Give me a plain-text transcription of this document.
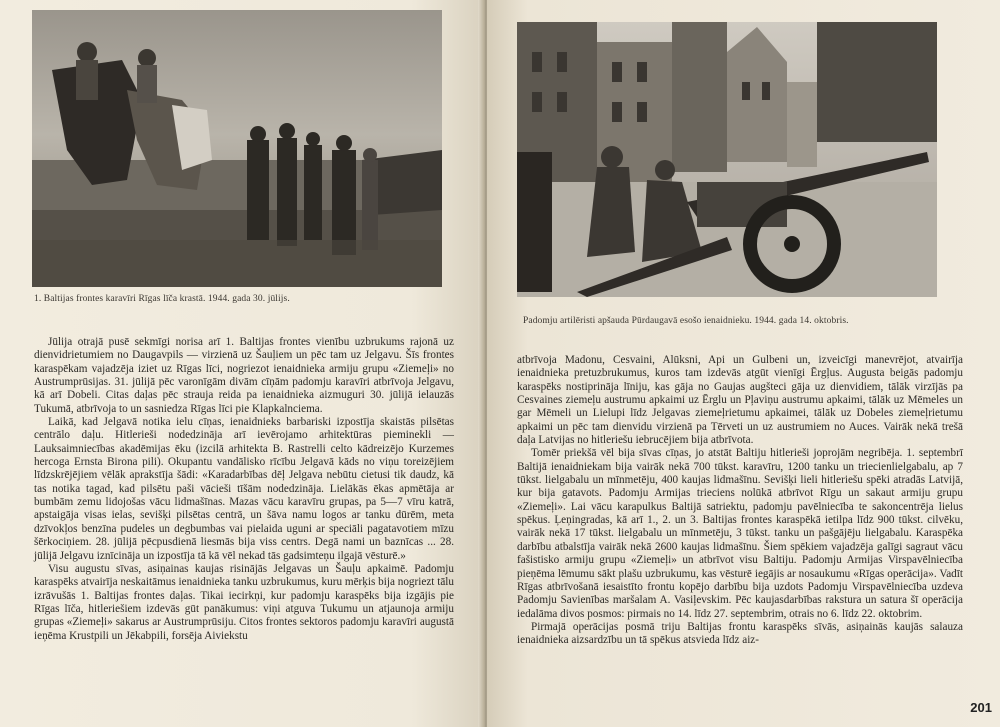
1. Baltijas frontes karavīri Rīgas līča krastā. 1944. gada 30. jūlijs.

Jūlija otrajā pusē sekmīgi norisa arī 1. Baltijas frontes vienību uzbrukums rajonā uz dienvidrietumiem no Daugavpils — virzienā uz Šauļiem un pēc tam uz Jelgavu. Šīs frontes karaspēkam vajadzēja iziet uz Rīgas līci, nogriezot ienaidnieka armiju grupu «Ziemeļi» no Austrumprūsijas. 31. jūlijā pēc varonīgām divām cīņām padomju karavīri atbrīvoja Jelgavu, kā arī Dobeli. Citas daļas pēc strauja reida pa ienaidnieka aizmuguri 30. jūlijā ielauzās Tukumā, atbrīvoja to un sasniedza Rīgas līci pie Klapkalnciema.

Laikā, kad Jelgavā notika ielu cīņas, ienaidnieks barbariski izpostīja skaistās pilsētas centrālo daļu. Hitlerieši nodedzināja arī ievērojamo arhitektūras pieminekli — Lauksaimniecības akadēmijas ēku (izcilā arhitekta B. Rastrelli celto kādreizējo Kurzemes hercoga Ernsta Birona pili). Okupantu vandālisko rīcību Jelgavā kāds no viņu toreizējiem līdzskrējējiem vēlāk aprakstīja šādi: «Karadarbības dēļ Jelgava nebūtu cietusi tik daudz, kā tas notika tagad, kad pilsētu paši vācieši tīšām nodedzināja. Lielākās ēkas apmētāja ar bumbām zemu lidojošas vācu lidmašīnas. Mazas vācu karavīru grupas, pa 5—7 vīru katrā, apstaigāja visas ielas, sevišķi pilsētas centrā, un šāva namu logos ar tanku dūrēm, meta dzīvokļos benzīna pudeles un degbumbas vai pielaida uguni ar speciāli pagatavotiem mīzu šērkociņiem. 28. jūlijā pēcpusdienā liesmās bija viss centrs. Degā nami un baznīcas ... 28. jūlijā Jelgavu iznīcināja un izpostīja tā kā vēl nekad tās gadsimteņu ilgajā vēsturē.»

Visu augustu sīvas, asiņainas kaujas risinājās Jelgavas un Šauļu apkaimē. Padomju karaspēks atvairīja neskaitāmus ienaidnieka tanku uzbrukumus, kuru mērķis bija nogriezt tālu izrāvušās 1. Baltijas frontes daļas. Tikai iecirkņi, kur padomju karaspēks bija izgājis pie Rīgas līča, hitleriešiem izdevās gūt panākumus: viņi atguva Tukumu un atjaunoja armiju grupas «Ziemeļi» sakarus ar Austrumprūsiju. Citos frontes sektoros padomju karavīri augustā ieņēma Krustpili un Jēkabpili, forsēja Aiviekstu

Padomju artilēristi apšauda Pūrdaugavā esošo ienaidnieku. 1944. gada 14. oktobris.

atbrīvoja Madonu, Cesvaini, Alūksni, Api un Gulbeni un, izveicīgi manevrējot, atvairīja ienaidnieka pretuzbrukumus, kuros tam izdevās atgūt vienīgi Ērgļus. Augusta beigās padomju karaspēks nostiprināja līniju, kas gāja no Gaujas augšteci gāja uz dienvidiem, tālāk virzījās pa Cesvaines ziemeļu austrumu apkaimi uz Ērglu un Pļaviņu austrumu apkaimi, tālāk uz Mēmeles un gar Mēmeli un Lielupi līdz Jelgavas ziemeļrietumu apkaimei, tālāk uz Dobeles ziemeļrietumu apkaimi un pēc tam dienvidu virzienā pa Tērveti un uz austrumiem no Auces. Vairāk nekā trešā daļa Latvijas no hitleriešu iebrucējiem bija atbrīvota.

Tomēr priekšā vēl bija sīvas cīņas, jo atstāt Baltiju hitlerieši joprojām negribēja. 1. septembrī Baltijā ienaidniekam bija vairāk nekā 700 tūkst. karavīru, 1200 tanku un triecienlielgabalu, ap 7 tūkst. lielgabalu un mīnmetēju, 400 kaujas lidmašīnu. Sevišķi lieli hitleriešu spēki atradās Latvijā, kur bija gatavots. Padomju Armijas trieciens nolūkā atbrīvot Rīgu un sakaut armiju grupu «Ziemeļi». Lai vācu karapulkus Baltijā satriektu, padomju pavēlniecība te sakoncentrēja lielus spēkus. Ļeņingradas, kā arī 1., 2. un 3. Baltijas frontes karaspēkā ietilpa līdz 900 tūkst. cilvēku, vairāk nekā 17 tūkst. lielgabalu un mīnmetēju, 3 tūkst. tanku un pašgājēju lielgabalu. Karaspēka darbību atbalstīja vairāk nekā 2600 kaujas lidmašīnu. Šiem spēkiem vajadzēja galīgi sagraut vācu fašistisko armiju grupu «Ziemeļi» un atbrīvot visu Baltiju. Padomju Armijas Virspavēlniecība pieņēma lēmumu sākt plašu uzbrukumu, kas vēsturē iegājis ar nosaukumu «Rīgas operācija». Vadīt Rīgas atbrīvošanā iesaistīto frontu kopējo darbību bija uzdots Padomju Virspavēlniecība uzdeva Padomju Savienības maršalam A. Vasiļevskim. Pēc kaujasdarbības rakstura un satura šī operācija iedalāma divos posmos: pirmais no 14. līdz 27. septembrim, otrais no 6. līdz 22. oktobrim.

Pirmajā operācijas posmā triju Baltijas frontu karaspēks sīvās, asiņainās kaujās salauza ienaidnieka aizsardzību un tā spēkus atsviedа līdz aiz-

201
